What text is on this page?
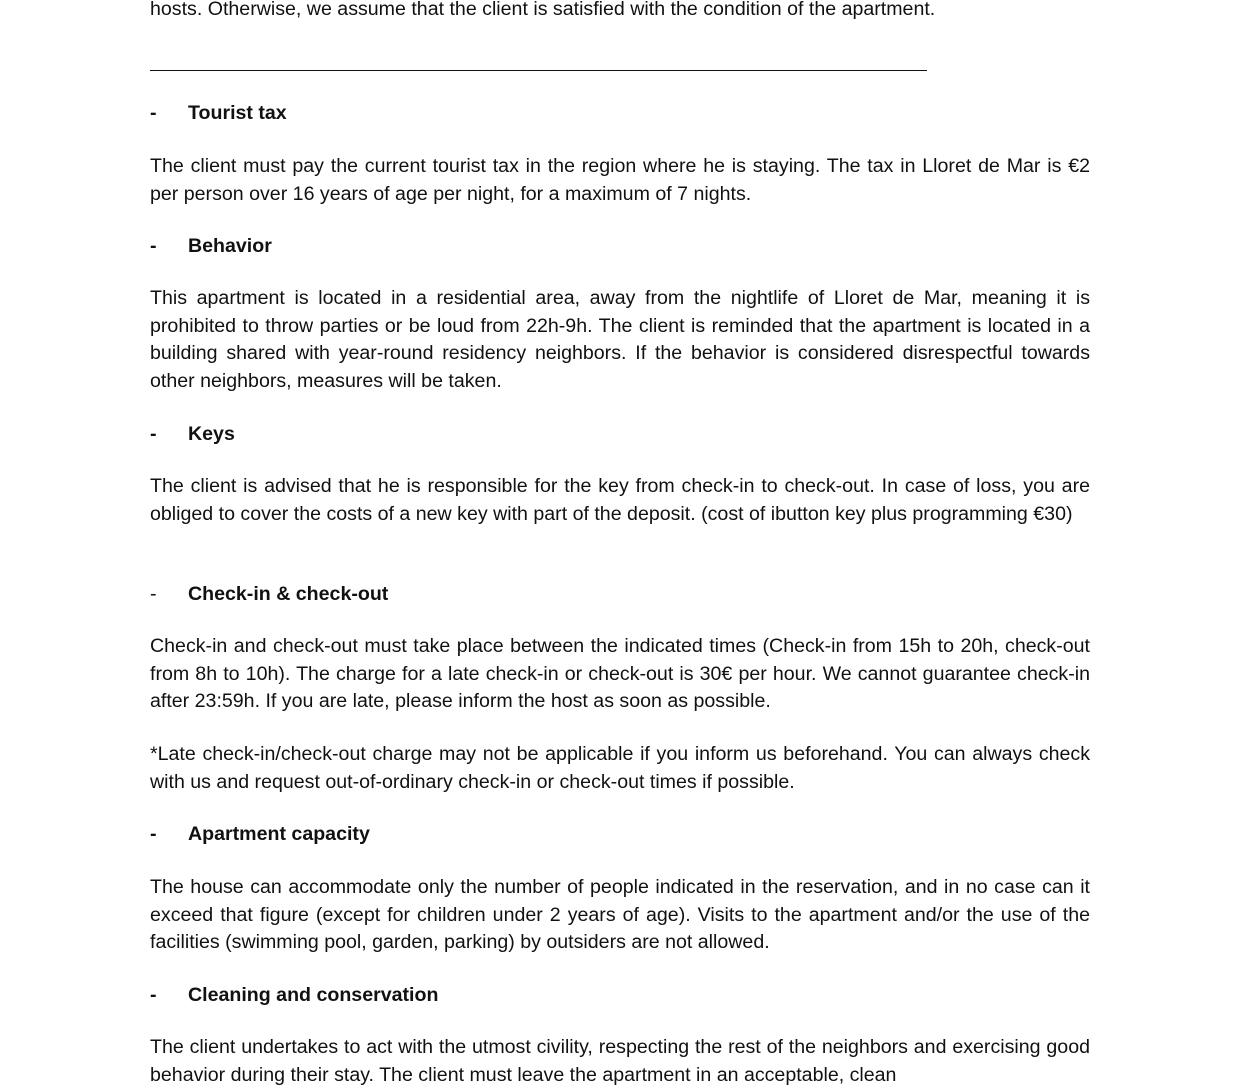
hosts. Otherwise, we assume that the client is satisfied with the condition of the apartment.

- Tourist tax

The client must pay the current tourist tax in the region where he is staying. The tax in Lloret de Mar is €2 per person over 16 years of age per night, for a maximum of 7 nights.

- Behavior

This apartment is located in a residential area, away from the nightlife of Lloret de Mar, meaning it is prohibited to throw parties or be loud from 22h-9h. The client is reminded that the apartment is located in a building shared with year-round residency neighbors. If the behavior is considered disrespectful towards other neighbors, measures will be taken.

- Keys

The client is advised that he is responsible for the key from check-in to check-out. In case of loss, you are obliged to cover the costs of a new key with part of the deposit. (cost of ibutton key plus programming €30)

- Check-in & check-out

Check-in and check-out must take place between the indicated times (Check-in from 15h to 20h, check-out from 8h to 10h). The charge for a late check-in or check-out is 30€ per hour. We cannot guarantee check-in after 23:59h. If you are late, please inform the host as soon as possible.

*Late check-in/check-out charge may not be applicable if you inform us beforehand. You can always check with us and request out-of-ordinary check-in or check-out times if possible.

- Apartment capacity

The house can accommodate only the number of people indicated in the reservation, and in no case can it exceed that figure (except for children under 2 years of age). Visits to the apartment and/or the use of the facilities (swimming pool, garden, parking) by outsiders are not allowed.

- Cleaning and conservation

The client undertakes to act with the utmost civility, respecting the rest of the neighbors and exercising good behavior during their stay. The client must leave the apartment in an acceptable, clean
